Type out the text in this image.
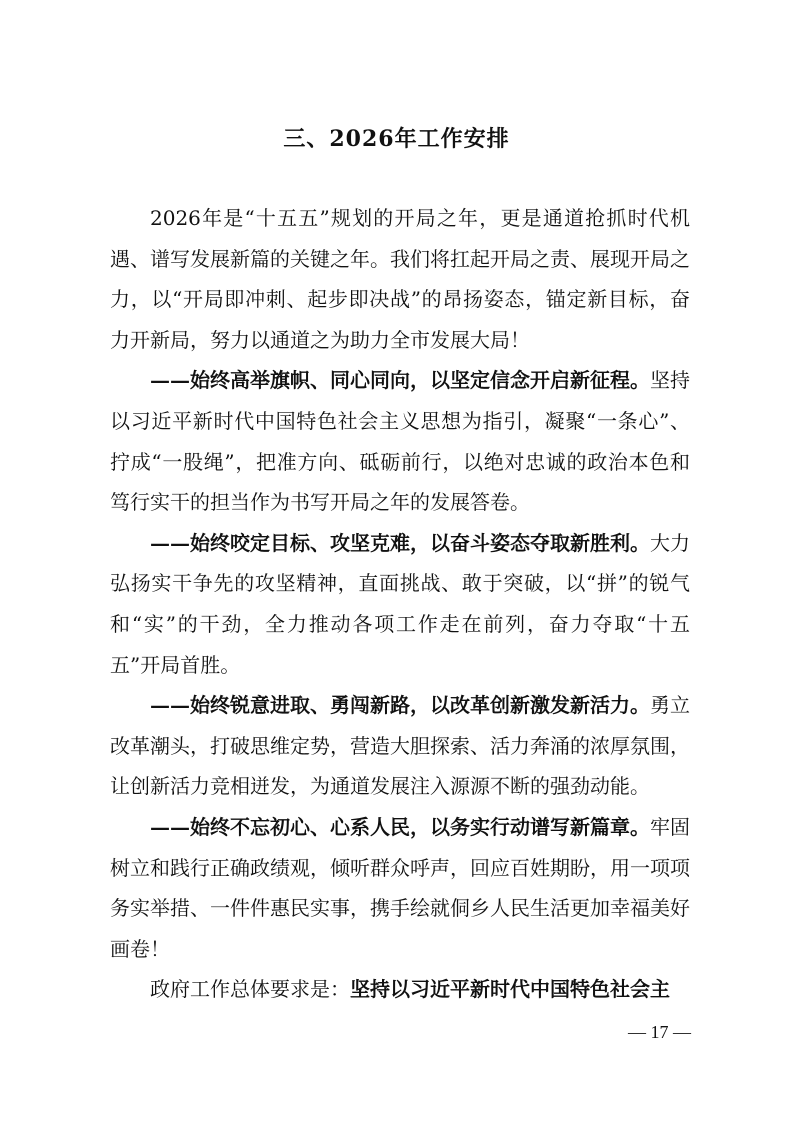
三、2026年工作安排

2026年是“十五五”规划的开局之年，更是通道抢抓时代机遇、谱写发展新篇的关键之年。我们将扛起开局之责、展现开局之力，以“开局即冲刺、起步即决战”的昂扬姿态，锚定新目标，奋力开新局，努力以通道之为助力全市发展大局！

——始终高举旗帜、同心同向，以坚定信念开启新征程。坚持以习近平新时代中国特色社会主义思想为指引，凝聚“一条心”、拧成“一股绳”，把准方向、砥砺前行，以绝对忠诚的政治本色和笃行实干的担当作为书写开局之年的发展答卷。

——始终咬定目标、攻坚克难，以奋斗姿态夺取新胜利。大力弘扬实干争先的攻坚精神，直面挑战、敢于突破，以“拼”的锐气和“实”的干劲，全力推动各项工作走在前列，奋力夺取“十五五”开局首胜。

——始终锐意进取、勇闯新路，以改革创新激发新活力。勇立改革潮头，打破思维定势，营造大胆探索、活力奔涌的浓厚氛围，让创新活力竞相迸发，为通道发展注入源源不断的强劲动能。

——始终不忘初心、心系人民，以务实行动谱写新篇章。牢固树立和践行正确政绩观，倾听群众呼声，回应百姓期盼，用一项项务实举措、一件件惠民实事，携手绘就侗乡人民生活更加幸福美好画卷！

政府工作总体要求是：坚持以习近平新时代中国特色社会主

— 17 —
